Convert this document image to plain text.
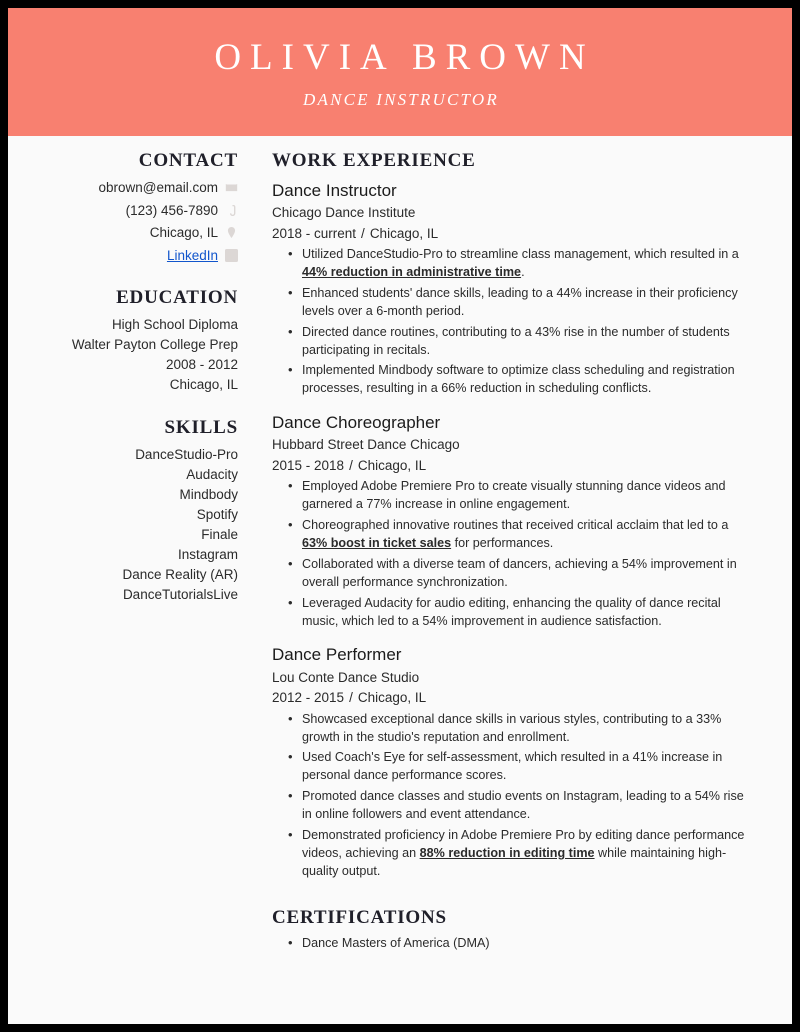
OLIVIA BROWN
DANCE INSTRUCTOR
CONTACT
obrown@email.com
(123) 456-7890
Chicago, IL
LinkedIn
EDUCATION

High School Diploma

Walter Payton College Prep

2008 - 2012

Chicago, IL

SKILLS

DanceStudio-Pro

Audacity

Mindbody

Spotify

Finale

Instagram

Dance Reality (AR)

DanceTutorialsLive

WORK EXPERIENCE

Dance Instructor

Chicago Dance Institute

2018 - current / Chicago, IL

• Utilized DanceStudio-Pro to streamline class management, which resulted in a 44% reduction in administrative time.
• Enhanced students' dance skills, leading to a 44% increase in their proficiency levels over a 6-month period.
• Directed dance routines, contributing to a 43% rise in the number of students participating in recitals.
• Implemented Mindbody software to optimize class scheduling and registration processes, resulting in a 66% reduction in scheduling conflicts.

Dance Choreographer

Hubbard Street Dance Chicago

2015 - 2018 / Chicago, IL

• Employed Adobe Premiere Pro to create visually stunning dance videos and garnered a 77% increase in online engagement.
• Choreographed innovative routines that received critical acclaim that led to a 63% boost in ticket sales for performances.
• Collaborated with a diverse team of dancers, achieving a 54% improvement in overall performance synchronization.
• Leveraged Audacity for audio editing, enhancing the quality of dance recital music, which led to a 54% improvement in audience satisfaction.

Dance Performer

Lou Conte Dance Studio

2012 - 2015 / Chicago, IL

• Showcased exceptional dance skills in various styles, contributing to a 33% growth in the studio's reputation and enrollment.
• Used Coach's Eye for self-assessment, which resulted in a 41% increase in personal dance performance scores.
• Promoted dance classes and studio events on Instagram, leading to a 54% rise in online followers and event attendance.
• Demonstrated proficiency in Adobe Premiere Pro by editing dance performance videos, achieving an 88% reduction in editing time while maintaining high-quality output.
CERTIFICATIONS
• Dance Masters of America (DMA)
